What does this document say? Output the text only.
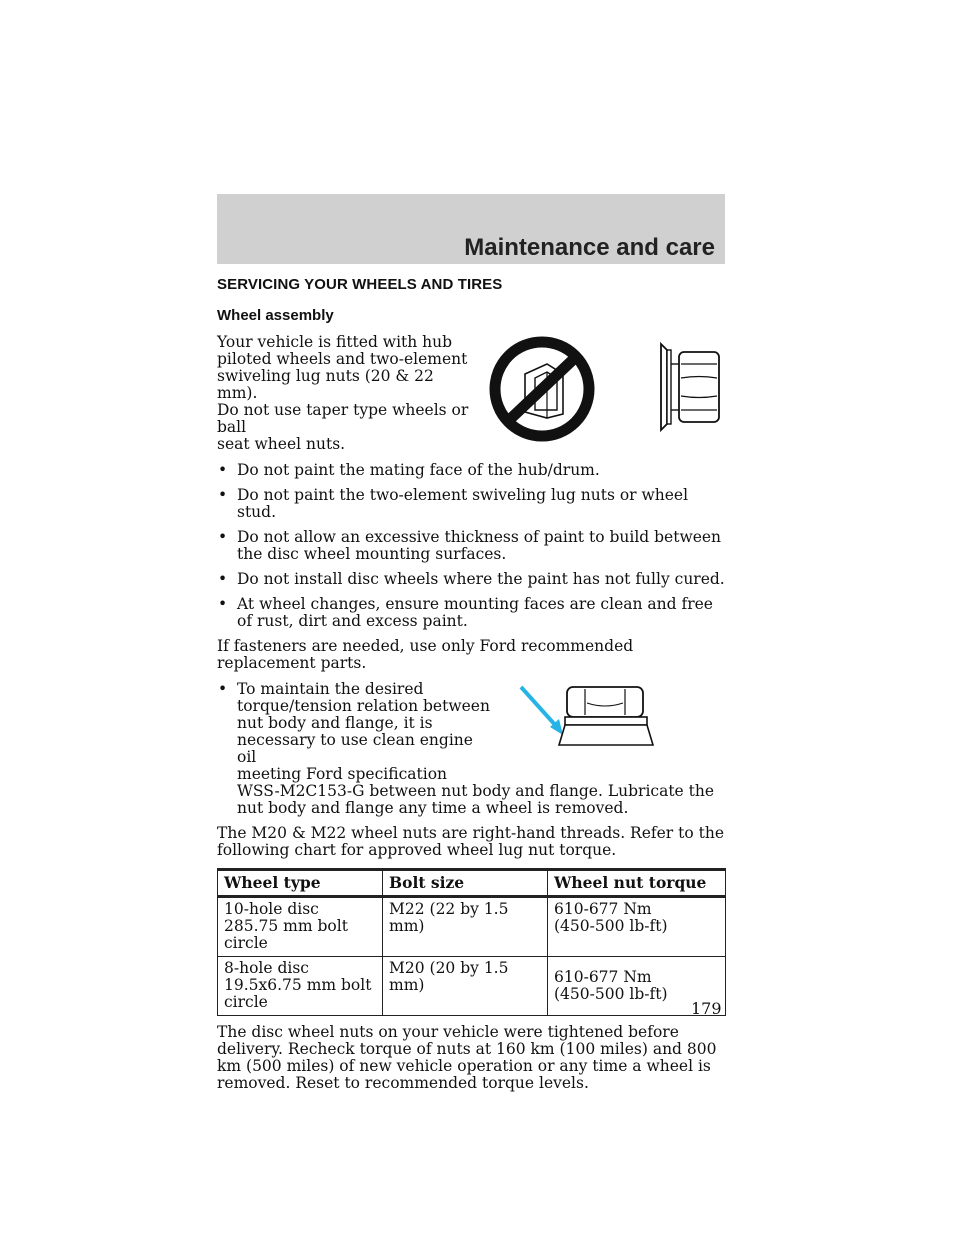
Maintenance and care
SERVICING YOUR WHEELS AND TIRES
Wheel assembly

Your vehicle is fitted with hub
piloted wheels and two-element
swiveling lug nuts (20 & 22 mm).
Do not use taper type wheels or ball
seat wheel nuts.

• Do not paint the mating face of the hub/drum.
• Do not paint the two-element swiveling lug nuts or wheel stud.
• Do not allow an excessive thickness of paint to build between the disc wheel mounting surfaces.
• Do not install disc wheels where the paint has not fully cured.
• At wheel changes, ensure mounting faces are clean and free of rust, dirt and excess paint.

If fasteners are needed, use only Ford recommended replacement parts.

• To maintain the desired
torque/tension relation between
nut body and flange, it is
necessary to use clean engine oil
meeting Ford specification
WSS-M2C153-G between nut body and flange. Lubricate the nut body and flange any time a wheel is removed.

The M20 & M22 wheel nuts are right-hand threads. Refer to the following chart for approved wheel lug nut torque.

Wheel type	Bolt size	Wheel nut torque

10-hole disc
285.75 mm bolt circle	M22 (22 by 1.5 mm)	610-677 Nm
(450-500 lb-ft)

8-hole disc
19.5x6.75 mm bolt
circle	M20 (20 by 1.5 mm)	610-677 Nm
(450-500 lb-ft)

The disc wheel nuts on your vehicle were tightened before delivery. Recheck torque of nuts at 160 km (100 miles) and 800 km (500 miles) of new vehicle operation or any time a wheel is removed. Reset to recommended torque levels.

179
